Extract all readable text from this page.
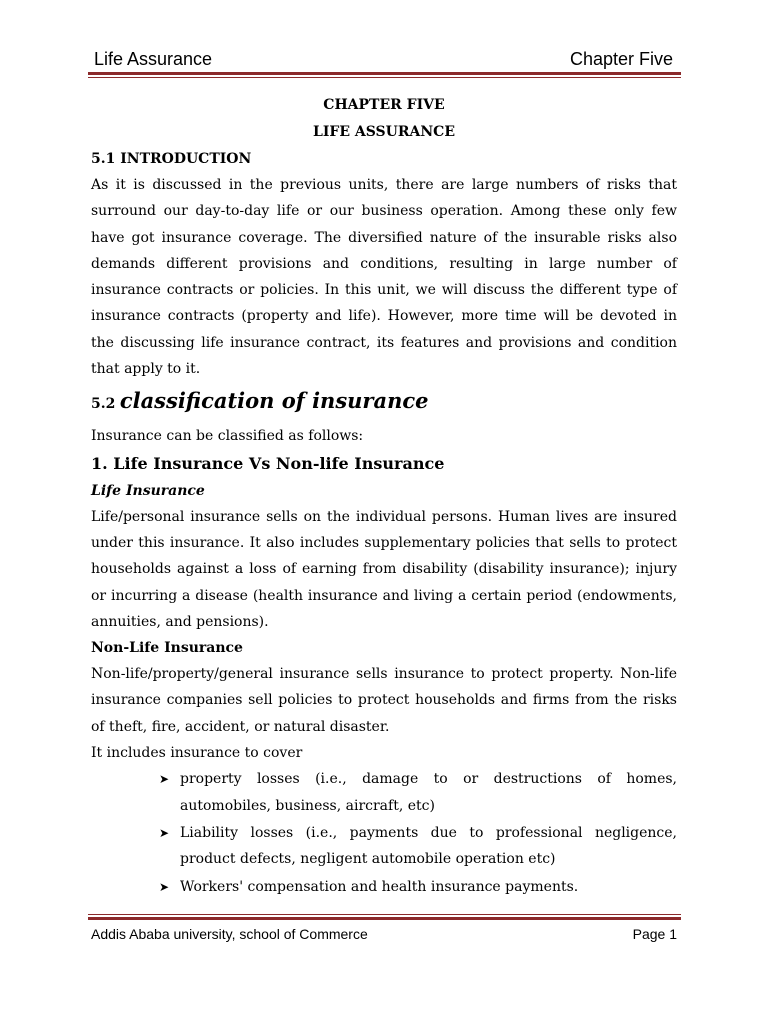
Life Assurance	Chapter Five
CHAPTER FIVE
LIFE ASSURANCE
5.1 INTRODUCTION

As it is discussed in the previous units, there are large numbers of risks that surround our day-to-day life or our business operation. Among these only few have got insurance coverage. The diversified nature of the insurable risks also demands different provisions and conditions, resulting in large number of insurance contracts or policies. In this unit, we will discuss the different type of insurance contracts (property and life). However, more time will be devoted in the discussing life insurance contract, its features and provisions and condition that apply to it.

5.2 classification of insurance
Insurance can be classified as follows:
1. Life Insurance Vs Non-life Insurance
Life Insurance

Life/personal insurance sells on the individual persons. Human lives are insured under this insurance. It also includes supplementary policies that sells to protect households against a loss of earning from disability (disability insurance); injury or incurring a disease (health insurance and living a certain period (endowments, annuities, and pensions).

Non-Life Insurance

Non-life/property/general insurance sells insurance to protect property. Non-life insurance companies sell policies to protect households and firms from the risks of theft, fire, accident, or natural disaster.

It includes insurance to cover
➤ property losses (i.e., damage to or destructions of homes, automobiles, business, aircraft, etc)
➤ Liability losses (i.e., payments due to professional negligence, product defects, negligent automobile operation etc)
➤ Workers' compensation and health insurance payments.
Addis Ababa university, school of Commerce	Page 1
